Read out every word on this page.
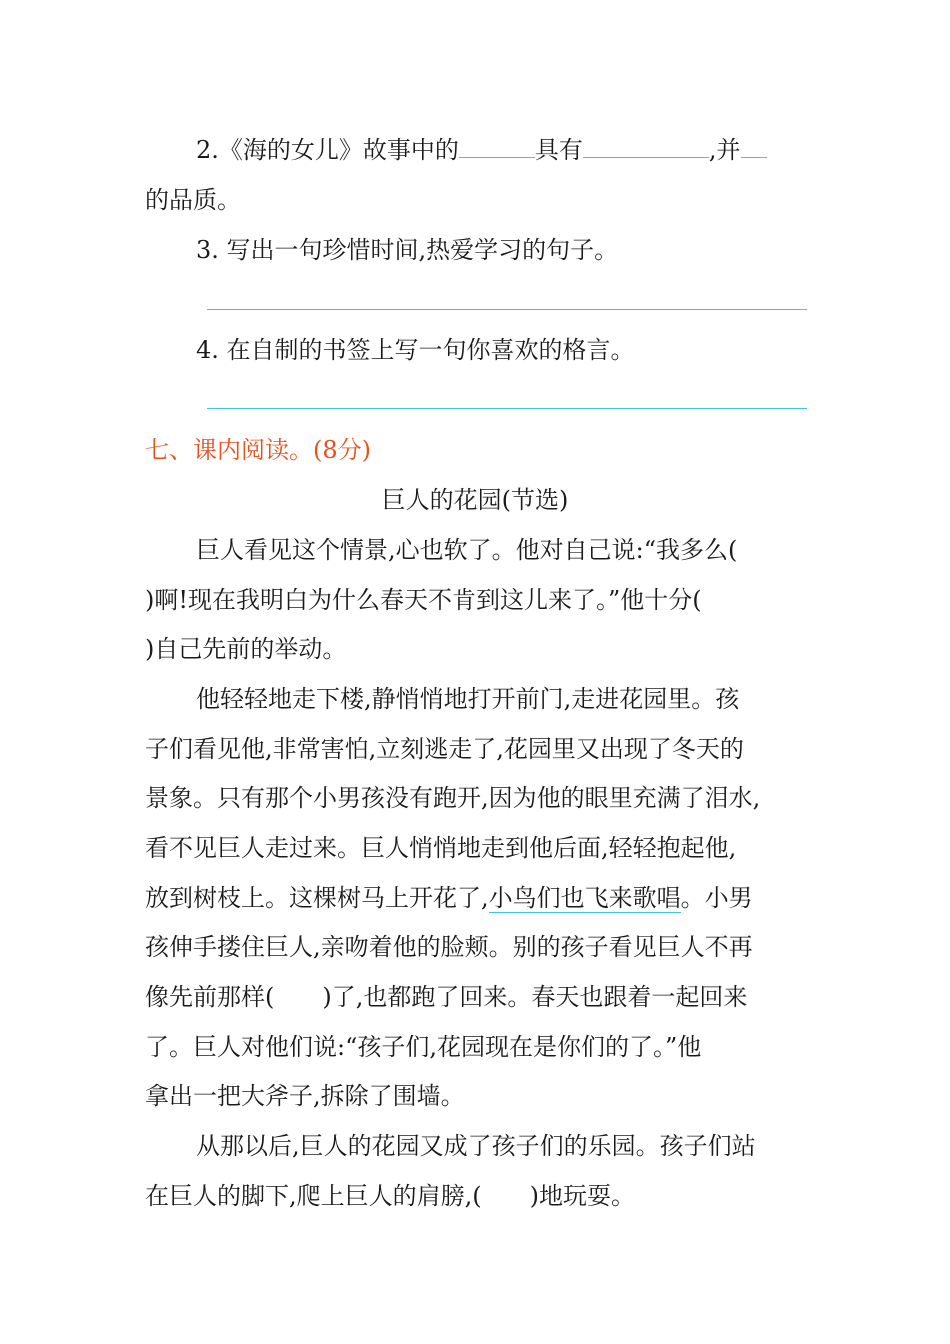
2.《海的女儿》故事中的	具有	,并
的品质。
3. 写出一句珍惜时间,热爱学习的句子。
4. 在自制的书签上写一句你喜欢的格言。
七、课内阅读。(8分)
巨人的花园(节选)
巨人看见这个情景,心也软了。他对自己说:“我多么(
)啊!现在我明白为什么春天不肯到这儿来了。”他十分(
)自己先前的举动。
他轻轻地走下楼,静悄悄地打开前门,走进花园里。孩
子们看见他,非常害怕,立刻逃走了,花园里又出现了冬天的
景象。只有那个小男孩没有跑开,因为他的眼里充满了泪水,
看不见巨人走过来。巨人悄悄地走到他后面,轻轻抱起他,
放到树枝上。这棵树马上开花了,小鸟们也飞来歌唱。小男
孩伸手搂住巨人,亲吻着他的脸颊。别的孩子看见巨人不再
像先前那样( )了,也都跑了回来。春天也跟着一起回来
了。巨人对他们说:“孩子们,花园现在是你们的了。”他
拿出一把大斧子,拆除了围墙。
从那以后,巨人的花园又成了孩子们的乐园。孩子们站
在巨人的脚下,爬上巨人的肩膀,( )地玩耍。
